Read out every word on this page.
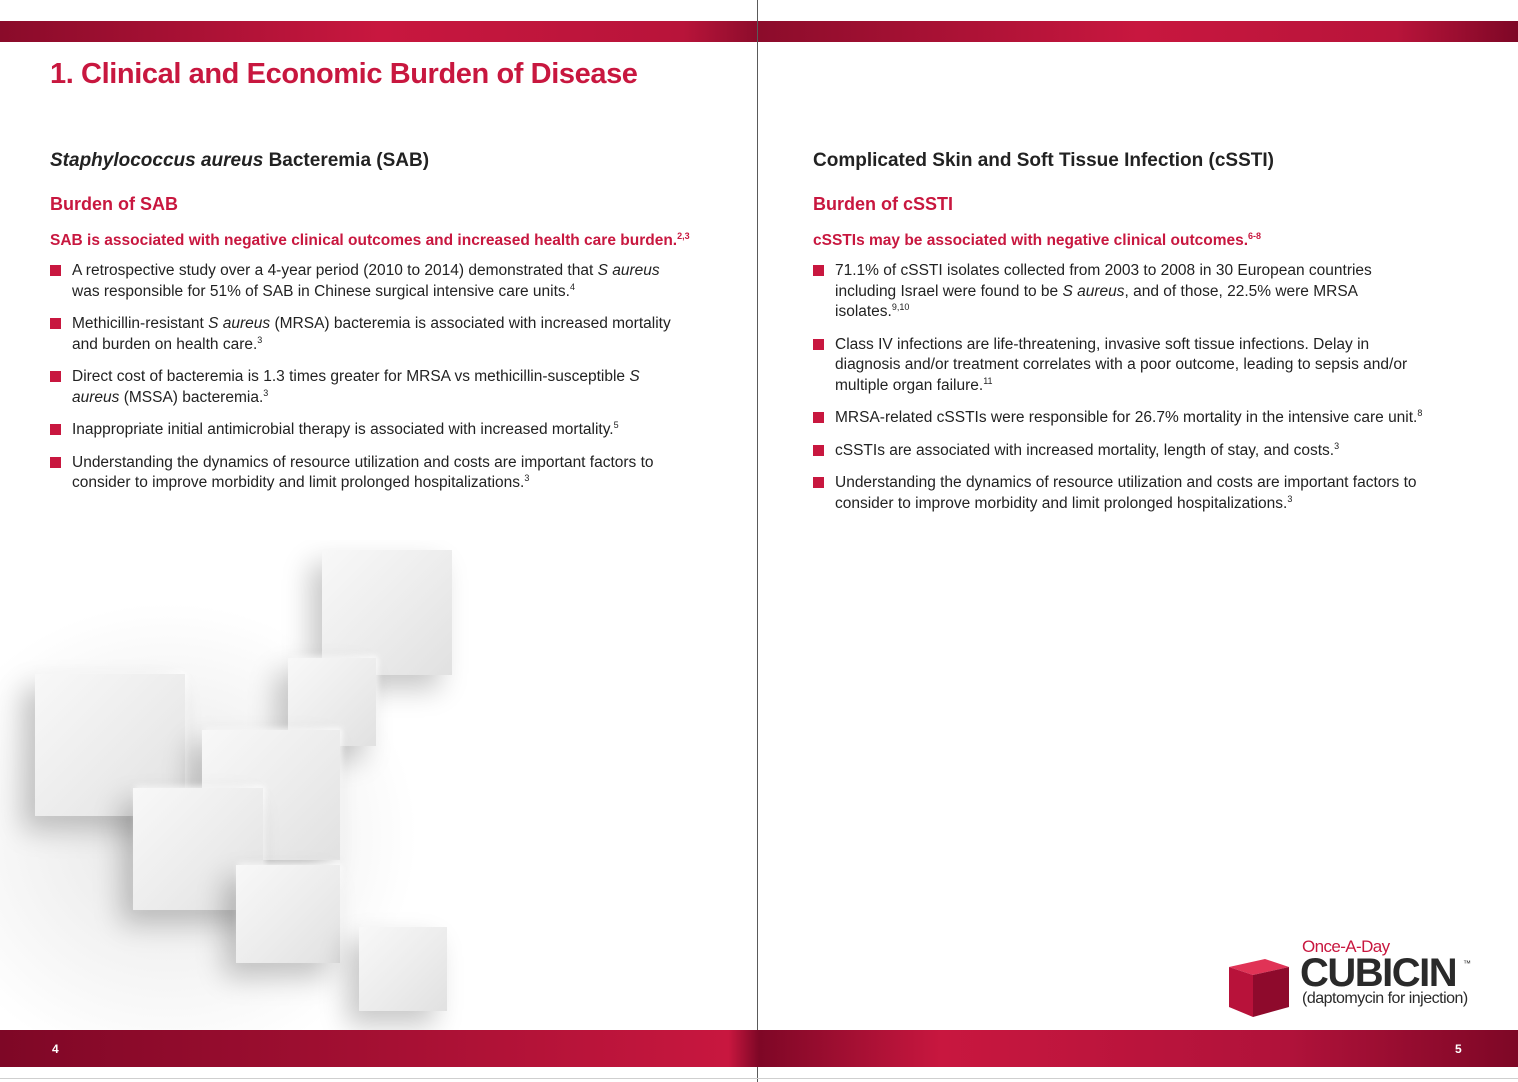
1. Clinical and Economic Burden of Disease
Staphylococcus aureus Bacteremia (SAB)
Burden of SAB

SAB is associated with negative clinical outcomes and increased health care burden.$^{2,3}$

A retrospective study over a 4-year period (2010 to 2014) demonstrated that S aureus was responsible for 51% of SAB in Chinese surgical intensive care units.$^4$
Methicillin-resistant S aureus (MRSA) bacteremia is associated with increased mortality and burden on health care.$^3$
Direct cost of bacteremia is 1.3 times greater for MRSA vs methicillin-susceptible S aureus (MSSA) bacteremia.$^3$
Inappropriate initial antimicrobial therapy is associated with increased mortality.$^5$
Understanding the dynamics of resource utilization and costs are important factors to consider to improve morbidity and limit prolonged hospitalizations.$^3$
Complicated Skin and Soft Tissue Infection (cSSTI)
Burden of cSSTI

cSSTIs may be associated with negative clinical outcomes.$^{6-8}$

71.1% of cSSTI isolates collected from 2003 to 2008 in 30 European countries including Israel were found to be S aureus, and of those, 22.5% were MRSA isolates.$^{9,10}$
Class IV infections are life-threatening, invasive soft tissue infections. Delay in diagnosis and/or treatment correlates with a poor outcome, leading to sepsis and/or multiple organ failure.$^{11}$
MRSA-related cSSTIs were responsible for 26.7% mortality in the intensive care unit.$^8$
cSSTIs are associated with increased mortality, length of stay, and costs.$^3$
Understanding the dynamics of resource utilization and costs are important factors to consider to improve morbidity and limit prolonged hospitalizations.$^3$
Once-A-Day
CUBICIN ™
(daptomycin for injection)
4	5
